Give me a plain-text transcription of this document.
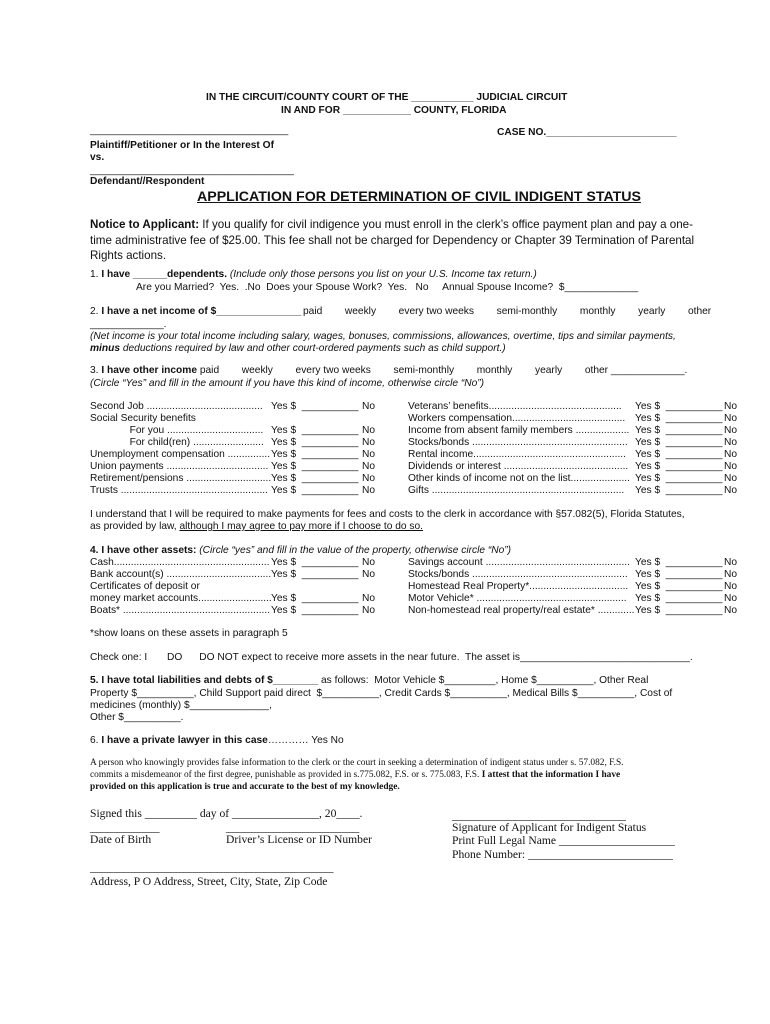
IN THE CIRCUIT/COUNTY COURT OF THE ___________ JUDICIAL CIRCUIT
IN AND FOR ____________ COUNTY, FLORIDA
___________________________________	CASE NO._______________________
Plaintiff/Petitioner or In the Interest Of
vs.
____________________________________
Defendant//Respondent
APPLICATION FOR DETERMINATION OF CIVIL INDIGENT STATUS
Notice to Applicant: If you qualify for civil indigence you must enroll in the clerk’s office payment plan and pay a one-time administrative fee of $25.00. This fee shall not be charged for Dependency or Chapter 39 Termination of Parental Rights actions.
1. I have ______dependents. (Include only those persons you list on your U.S. Income tax return.)
Are you Married?  Yes.  .No  Does your Spouse Work?  Yes.   No     Annual Spouse Income?  $_____________
2. I have a net income of $_______________ paid        weekly        every two weeks        semi-monthly        monthly        yearly        other
_____________.
(Net income is your total income including salary, wages, bonuses, commissions, allowances, overtime, tips and similar payments,
minus deductions required by law and other court-ordered payments such as child support.)
3. I have other income paid        weekly        every two weeks        semi-monthly        monthly        yearly        other _____________.
(Circle “Yes” and fill in the amount if you have this kind of income, otherwise circle “No”)
Second Job ......................................... Yes $  __________ No
Social Security benefits
For you .................................. Yes $  __________ No
For child(ren) ......................... Yes $  __________ No
Unemployment compensation ............... Yes $  __________ No
Union payments .................................... Yes $  __________ No
Retirement/pensions .............................. Yes $  __________ No
Trusts .................................................... Yes $  __________ No
Veterans’ benefits............................................... Yes $  __________ No
Workers compensation........................................ Yes $  __________ No
Income from absent family members ................... Yes $  __________ No
Stocks/bonds ....................................................... Yes $  __________ No
Rental income...................................................... Yes $  __________ No
Dividends or interest ............................................ Yes $  __________ No
Other kinds of income not on the list..................... Yes $  __________ No
Gifts .................................................................... Yes $  __________ No
I understand that I will be required to make payments for fees and costs to the clerk in accordance with §57.082(5), Florida Statutes,
as provided by law, although I may agree to pay more if I choose to do so.
4. I have other assets: (Circle “yes” and fill in the value of the property, otherwise circle “No”)
Cash....................................................... Yes $  __________ No
Bank account(s) ..................................... Yes $  __________ No
Certificates of deposit or
money market accounts.......................... Yes $  __________ No
Boats* .................................................... Yes $  __________ No
Savings account ................................................... Yes $  __________ No
Stocks/bonds ....................................................... Yes $  __________ No
Homestead Real Property*................................... Yes $  __________ No
Motor Vehicle* ..................................................... Yes $  __________ No
Non-homestead real property/real estate* ............. Yes $  __________ No
*show loans on these assets in paragraph 5
Check one: I       DO      DO NOT expect to receive more assets in the near future.  The asset is______________________________.
5. I have total liabilities and debts of $________ as follows:  Motor Vehicle $_________, Home $__________, Other Real
Property $__________, Child Support paid direct  $__________, Credit Cards $__________, Medical Bills $__________, Cost of
medicines (monthly) $______________,
Other $__________.
6. I have a private lawyer in this case………… Yes No
A person who knowingly provides false information to the clerk or the court in seeking a determination of indigent status under s. 57.082, F.S.
commits a misdemeanor of the first degree, punishable as provided in s.775.082, F.S. or s. 775.083, F.S. I attest that the information I have
provided on this application is true and accurate to the best of my knowledge.
Signed this _________ day of _______________, 20____.	______________________________
Signature of Applicant for Indigent Status
____________	_______________________
Date of Birth	Driver’s License or ID Number	Print Full Legal Name ____________________
Phone Number: _________________________
__________________________________________
Address, P O Address, Street, City, State, Zip Code
